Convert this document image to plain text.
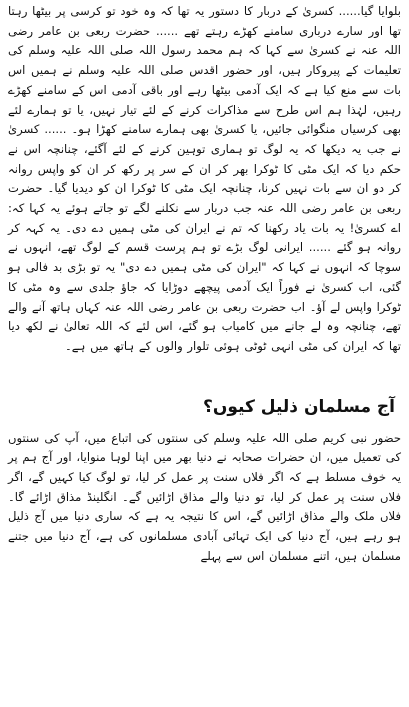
بلوایا گیا...... کسریٰ کے دربار کا دستور یہ تھا کہ وہ خود تو کرسی پر بیٹھا رہتا تھا اور سارے درباری سامنے کھڑے رہتے تھے ...... حضرت ربعی بن عامر رضی اللہ عنہ نے کسریٰ سے کہا کہ ہم محمد رسول اللہ صلی اللہ علیہ وسلم کی تعلیمات کے پیروکار ہیں، اور حضور اقدس صلی اللہ علیہ وسلم نے ہمیں اس بات سے منع کیا ہے کہ ایک آدمی بیٹھا رہے اور باقی آدمی اس کے سامنے کھڑے رہیں، لہٰذا ہم اس طرح سے مذاکرات کرنے کے لئے تیار نہیں، یا تو ہمارے لئے بھی کرسیاں منگوائی جائیں، یا کسریٰ بھی ہمارے سامنے کھڑا ہو۔ ...... کسریٰ نے جب یہ دیکھا کہ یہ لوگ تو ہماری توہین کرنے کے لئے آگئے، چنانچہ اس نے حکم دیا کہ ایک مٹی کا ٹوکرا بھر کر ان کے سر پر رکھ کر ان کو واپس روانہ کر دو ان سے بات نہیں کرنا، چنانچہ ایک مٹی کا ٹوکرا ان کو دیدیا گیا۔ حضرت ربعی بن عامر رضی اللہ عنہ جب دربار سے نکلنے لگے تو جاتے ہوئے یہ کہا کہ: اے کسریٰ! یہ بات یاد رکھنا کہ تم نے ایران کی مٹی ہمیں دے دی۔ یہ کہہ کر روانہ ہو گئے ...... ایرانی لوگ بڑے تو ہم پرست قسم کے لوگ تھے، انہوں نے سوچا کہ انہوں نے کہا کہ "ایران کی مٹی ہمیں دے دی" یہ تو بڑی بد فالی ہو گئی، اب کسریٰ نے فوراً ایک آدمی پیچھے دوڑایا کہ جاؤ جلدی سے وہ مٹی کا ٹوکرا واپس لے آؤ۔ اب حضرت ربعی بن عامر رضی اللہ عنہ کہاں ہاتھ آنے والے تھے، چنانچہ وہ لے جانے میں کامیاب ہو گئے، اس لئے کہ اللہ تعالیٰ نے لکھ دیا تھا کہ ایران کی مٹی انہی ٹوٹی ہوئی تلوار والوں کے ہاتھ میں ہے۔

آج مسلمان ذلیل کیوں؟

حضور نبی کریم صلی اللہ علیہ وسلم کی سنتوں کی اتباع میں، آپ کی سنتوں کی تعمیل میں، ان حضرات صحابہ نے دنیا بھر میں اپنا لوہا منوایا، اور آج ہم پر یہ خوف مسلط ہے کہ اگر فلاں سنت پر عمل کر لیا، تو لوگ کیا کہیں گے، اگر فلاں سنت پر عمل کر لیا، تو دنیا والے مذاق اڑائیں گے۔ انگلینڈ مذاق اڑائے گا۔ فلاں ملک والے مذاق اڑائیں گے، اس کا نتیجہ یہ ہے کہ ساری دنیا میں آج ذلیل ہو رہے ہیں، آج دنیا کی ایک تہائی آبادی مسلمانوں کی ہے، آج دنیا میں جتنے مسلمان ہیں، اتنے مسلمان اس سے پہلے
